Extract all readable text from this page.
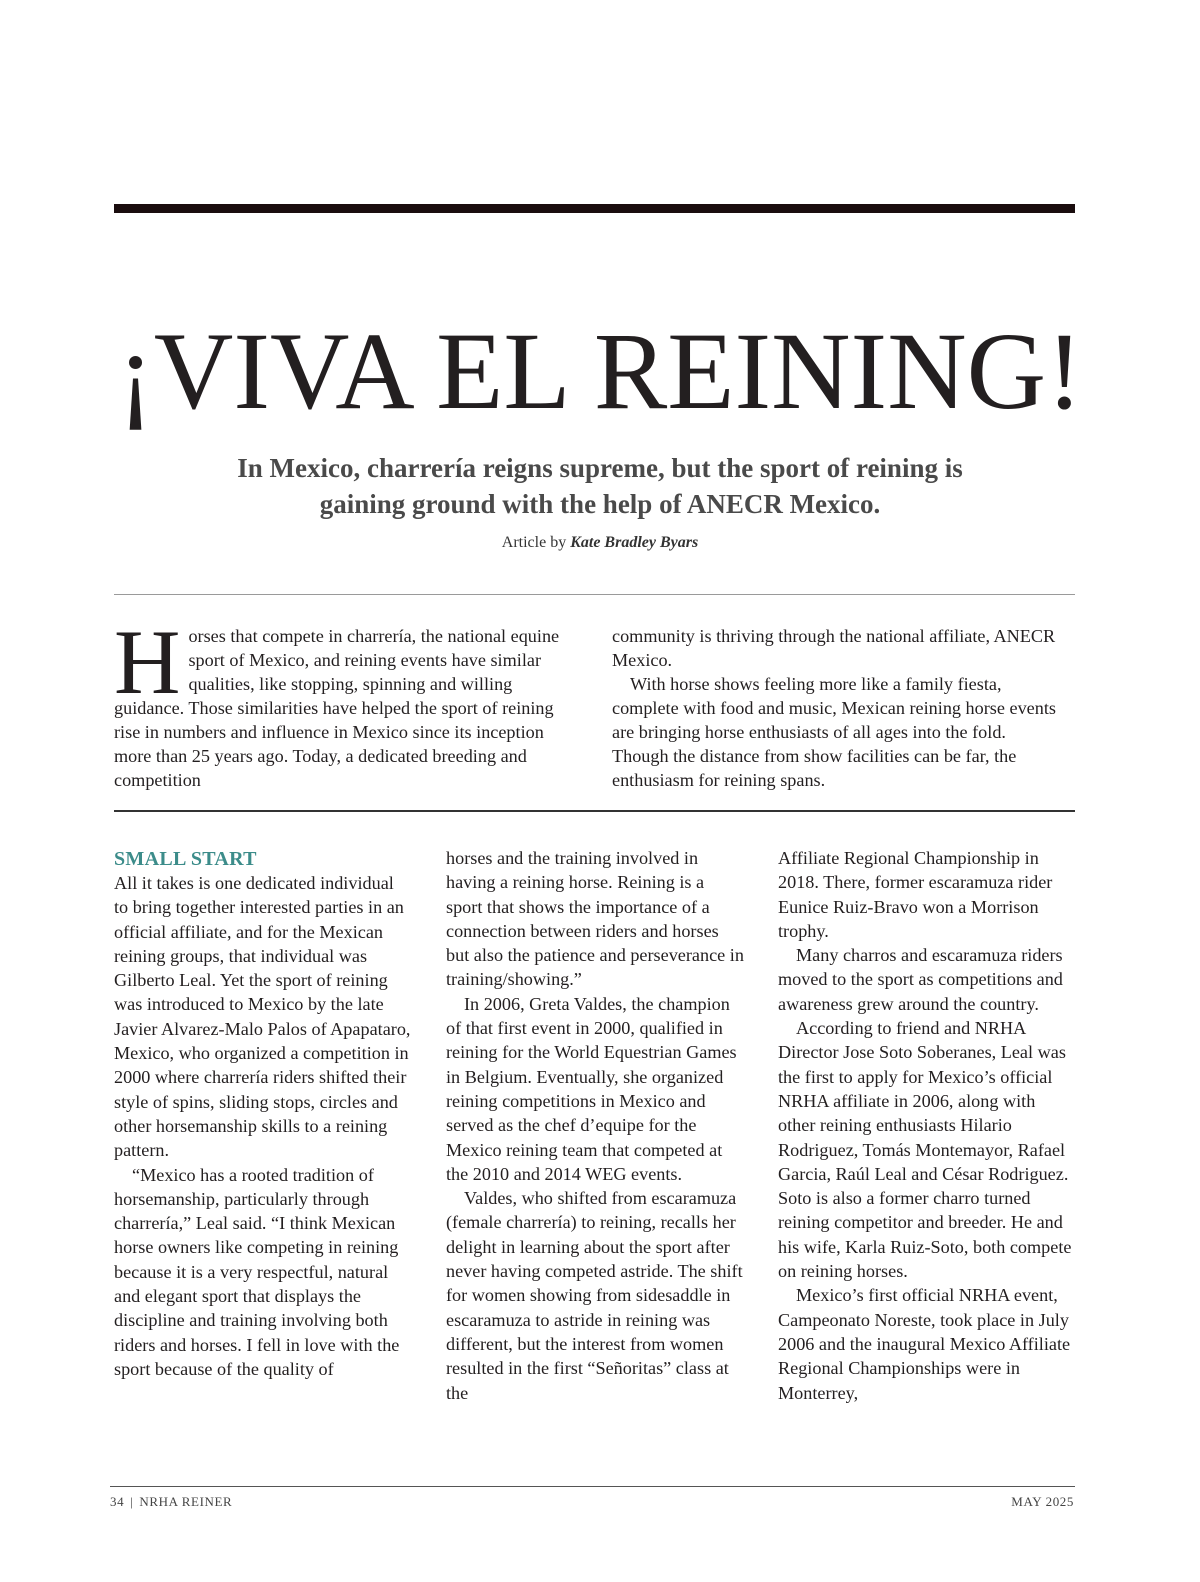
¡VIVA EL REINING!

In Mexico, charrería reigns supreme, but the sport of reining is
gaining ground with the help of ANECR Mexico.

Article by Kate Bradley Byars

Horses that compete in charrería, the national equine sport of Mexico, and reining events have similar qualities, like stopping, spinning and willing guidance. Those similarities have helped the sport of reining rise in numbers and influence in Mexico since its inception more than 25 years ago. Today, a dedicated breeding and competition

community is thriving through the national affiliate, ANECR Mexico.

With horse shows feeling more like a family fiesta, complete with food and music, Mexican reining horse events are bringing horse enthusiasts of all ages into the fold. Though the distance from show facilities can be far, the enthusiasm for reining spans.

SMALL START

All it takes is one dedicated individual to bring together interested parties in an official affiliate, and for the Mexican reining groups, that individual was Gilberto Leal. Yet the sport of reining was introduced to Mexico by the late Javier Alvarez-Malo Palos of Apapataro, Mexico, who organized a competition in 2000 where charrería riders shifted their style of spins, sliding stops, circles and other horsemanship skills to a reining pattern.

“Mexico has a rooted tradition of horsemanship, particularly through charrería,” Leal said. “I think Mexican horse owners like competing in reining because it is a very respectful, natural and elegant sport that displays the discipline and training involving both riders and horses. I fell in love with the sport because of the quality of

horses and the training involved in having a reining horse. Reining is a sport that shows the importance of a connection between riders and horses but also the patience and perseverance in training/showing.”

In 2006, Greta Valdes, the champion of that first event in 2000, qualified in reining for the World Equestrian Games in Belgium. Eventually, she organized reining competitions in Mexico and served as the chef d’equipe for the Mexico reining team that competed at the 2010 and 2014 WEG events.

Valdes, who shifted from escaramuza (female charrería) to reining, recalls her delight in learning about the sport after never having competed astride. The shift for women showing from sidesaddle in escaramuza to astride in reining was different, but the interest from women resulted in the first “Señoritas” class at the

Affiliate Regional Championship in 2018. There, former escaramuza rider Eunice Ruiz-Bravo won a Morrison trophy.

Many charros and escaramuza riders moved to the sport as competitions and awareness grew around the country.

According to friend and NRHA Director Jose Soto Soberanes, Leal was the first to apply for Mexico’s official NRHA affiliate in 2006, along with other reining enthusiasts Hilario Rodriguez, Tomás Montemayor, Rafael Garcia, Raúl Leal and César Rodriguez. Soto is also a former charro turned reining competitor and breeder. He and his wife, Karla Ruiz-Soto, both compete on reining horses.

Mexico’s first official NRHA event, Campeonato Noreste, took place in July 2006 and the inaugural Mexico Affiliate Regional Championships were in Monterrey,

34 | NRHA REINER	MAY 2025
